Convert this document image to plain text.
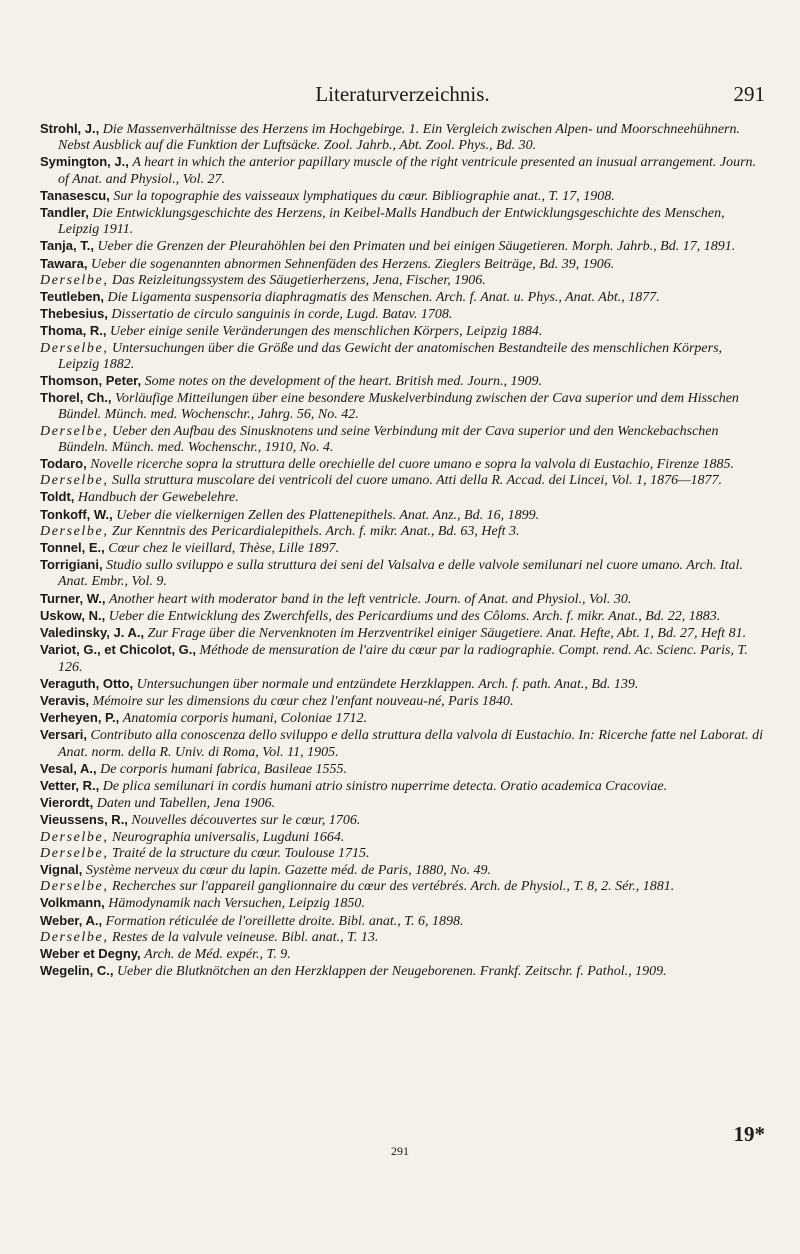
Literaturverzeichnis.	291

Strohl, J., Die Massenverhältnisse des Herzens im Hochgebirge. 1. Ein Vergleich zwischen Alpen- und Moorschneehühnern. Nebst Ausblick auf die Funktion der Luftsäcke. Zool. Jahrb., Abt. Zool. Phys., Bd. 30.

Symington, J., A heart in which the anterior papillary muscle of the right ventricule presented an inusual arrangement. Journ. of Anat. and Physiol., Vol. 27.

Tanasescu, Sur la topographie des vaisseaux lymphatiques du cœur. Bibliographie anat., T. 17, 1908.

Tandler, Die Entwicklungsgeschichte des Herzens, in Keibel-Malls Handbuch der Entwicklungsgeschichte des Menschen, Leipzig 1911.

Tanja, T., Ueber die Grenzen der Pleurahöhlen bei den Primaten und bei einigen Säugetieren. Morph. Jahrb., Bd. 17, 1891.

Tawara, Ueber die sogenannten abnormen Sehnenfäden des Herzens. Zieglers Beiträge, Bd. 39, 1906.

Derselbe, Das Reizleitungssystem des Säugetierherzens, Jena, Fischer, 1906.

Teutleben, Die Ligamenta suspensoria diaphragmatis des Menschen. Arch. f. Anat. u. Phys., Anat. Abt., 1877.

Thebesius, Dissertatio de circulo sanguinis in corde, Lugd. Batav. 1708.

Thoma, R., Ueber einige senile Veränderungen des menschlichen Körpers, Leipzig 1884.

Derselbe, Untersuchungen über die Größe und das Gewicht der anatomischen Bestandteile des menschlichen Körpers, Leipzig 1882.

Thomson, Peter, Some notes on the development of the heart. British med. Journ., 1909.

Thorel, Ch., Vorläufige Mitteilungen über eine besondere Muskelverbindung zwischen der Cava superior und dem Hisschen Bündel. Münch. med. Wochenschr., Jahrg. 56, No. 42.

Derselbe, Ueber den Aufbau des Sinusknotens und seine Verbindung mit der Cava superior und den Wenckebachschen Bündeln. Münch. med. Wochenschr., 1910, No. 4.

Todaro, Novelle ricerche sopra la struttura delle orechielle del cuore umano e sopra la valvola di Eustachio, Firenze 1885.

Derselbe, Sulla struttura muscolare dei ventricoli del cuore umano. Atti della R. Accad. dei Lincei, Vol. 1, 1876—1877.

Toldt, Handbuch der Gewebelehre.

Tonkoff, W., Ueber die vielkernigen Zellen des Plattenepithels. Anat. Anz., Bd. 16, 1899.

Derselbe, Zur Kenntnis des Pericardialepithels. Arch. f. mikr. Anat., Bd. 63, Heft 3.

Tonnel, E., Cœur chez le vieillard, Thèse, Lille 1897.

Torrigiani, Studio sullo sviluppo e sulla struttura dei seni del Valsalva e delle valvole semilunari nel cuore umano. Arch. Ital. Anat. Embr., Vol. 9.

Turner, W., Another heart with moderator band in the left ventricle. Journ. of Anat. and Physiol., Vol. 30.

Uskow, N., Ueber die Entwicklung des Zwerchfells, des Pericardiums und des Côloms. Arch. f. mikr. Anat., Bd. 22, 1883.

Valedinsky, J. A., Zur Frage über die Nervenknoten im Herzventrikel einiger Säugetiere. Anat. Hefte, Abt. 1, Bd. 27, Heft 81.

Variot, G., et Chicolot, G., Méthode de mensuration de l'aire du cœur par la radiographie. Compt. rend. Ac. Scienc. Paris, T. 126.

Veraguth, Otto, Untersuchungen über normale und entzündete Herzklappen. Arch. f. path. Anat., Bd. 139.

Veravis, Mémoire sur les dimensions du cœur chez l'enfant nouveau-né, Paris 1840.

Verheyen, P., Anatomia corporis humani, Coloniae 1712.

Versari, Contributo alla conoscenza dello sviluppo e della struttura della valvola di Eustachio. In: Ricerche fatte nel Laborat. di Anat. norm. della R. Univ. di Roma, Vol. 11, 1905.

Vesal, A., De corporis humani fabrica, Basileae 1555.

Vetter, R., De plica semilunari in cordis humani atrio sinistro nuperrime detecta. Oratio academica Cracoviae.

Vierordt, Daten und Tabellen, Jena 1906.

Vieussens, R., Nouvelles découvertes sur le cœur, 1706.

Derselbe, Neurographia universalis, Lugduni 1664.

Derselbe, Traité de la structure du cœur. Toulouse 1715.

Vignal, Système nerveux du cœur du lapin. Gazette méd. de Paris, 1880, No. 49.

Derselbe, Recherches sur l'appareil ganglionnaire du cœur des vertébrés. Arch. de Physiol., T. 8, 2. Sér., 1881.

Volkmann, Hämodynamik nach Versuchen, Leipzig 1850.

Weber, A., Formation réticulée de l'oreillette droite. Bibl. anat., T. 6, 1898.

Derselbe, Restes de la valvule veineuse. Bibl. anat., T. 13.

Weber et Degny, Arch. de Méd. expér., T. 9.

Wegelin, C., Ueber die Blutknötchen an den Herzklappen der Neugeborenen. Frankf. Zeitschr. f. Pathol., 1909.

19*
291
